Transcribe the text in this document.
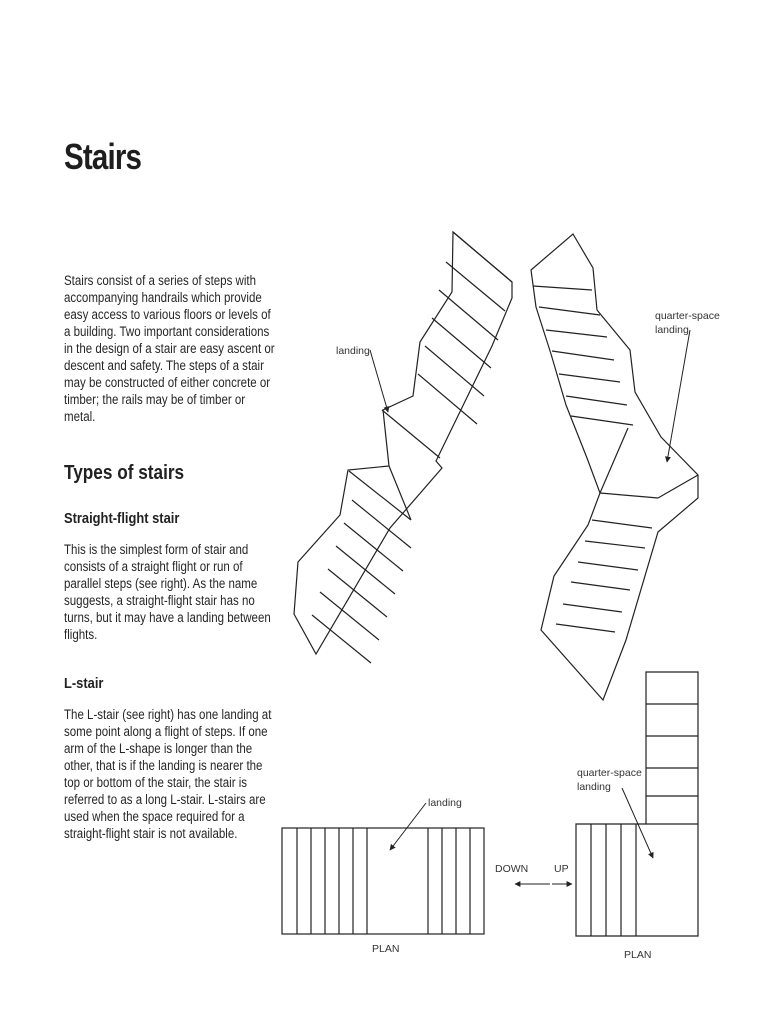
Stairs
Stairs consist of a series of steps with accompanying handrails which provide easy access to various floors or levels of a building. Two important considerations in the design of a stair are easy ascent or descent and safety. The steps of a stair may be constructed of either concrete or timber; the rails may be of timber or metal.
Types of stairs
Straight-flight stair
This is the simplest form of stair and consists of a straight flight or run of parallel steps (see right). As the name suggests, a straight-flight stair has no turns, but it may have a landing between flights.
L-stair
The L-stair (see right) has one landing at some point along a flight of steps. If one arm of the L-shape is longer than the other, that is if the landing is nearer the top or bottom of the stair, the stair is referred to as a long L-stair. L-stairs are used when the space required for a straight-flight stair is not available.
landing
quarter-space
landing
landing
PLAN
DOWN
quarter-space
landing
UP
PLAN
